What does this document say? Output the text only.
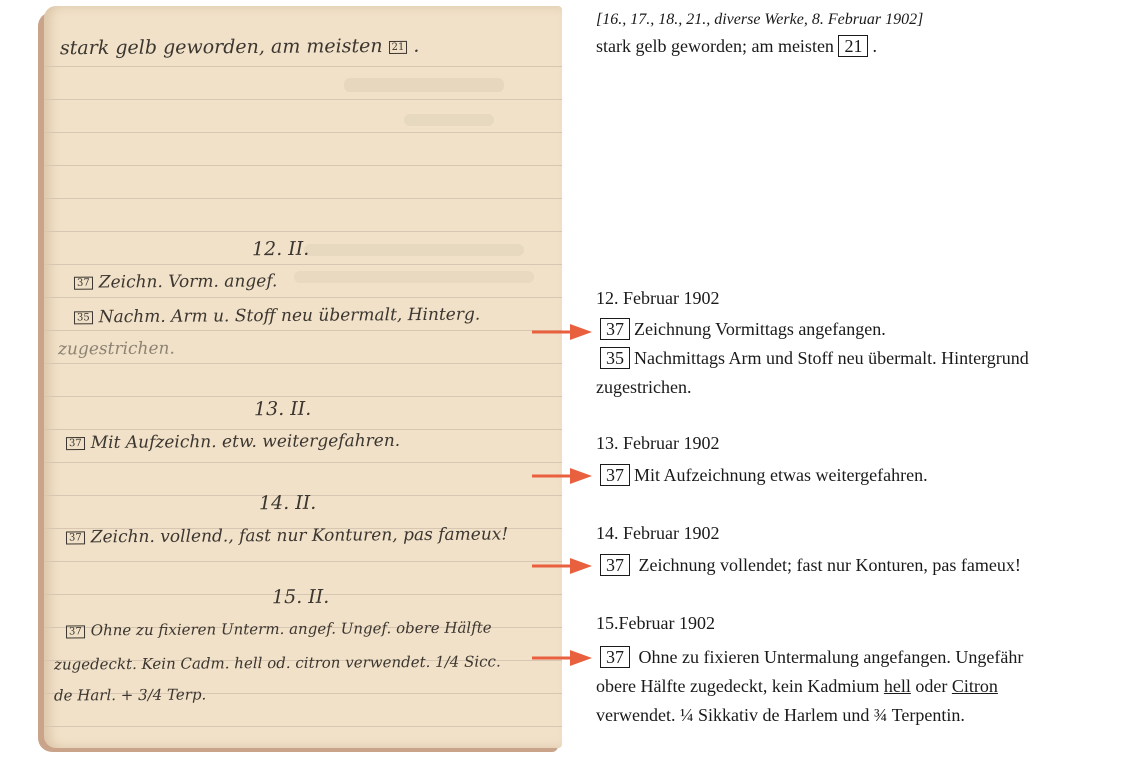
stark gelb geworden, am meisten 21 .
12. II.
37 Zeichn. Vorm. angef.
35 Nachm. Arm u. Stoff neu übermalt, Hinterg.
zugestrichen.
13. II.
37 Mit Aufzeichn. etw. weitergefahren.
14. II.
37 Zeichn. vollend., fast nur Konturen, pas fameux!
15. II.
37 Ohne zu fixieren Unterm. angef. Ungef. obere Hälfte
zugedeckt. Kein Cadm. hell od. citron verwendet. 1/4 Sicc.
de Harl. + 3/4 Terp.
[16., 17., 18., 21., diverse Werke, 8. Februar 1902]
stark gelb geworden; am meisten 21 .
12. Februar 1902
37 Zeichnung Vormittags angefangen.
35 Nachmittags Arm und Stoff neu übermalt. Hintergrund
zugestrichen.
13. Februar 1902
37 Mit Aufzeichnung etwas weitergefahren.
14. Februar 1902
37 Zeichnung vollendet; fast nur Konturen, pas fameux!
15.Februar 1902
37 Ohne zu fixieren Untermalung angefangen. Ungefähr
obere Hälfte zugedeckt, kein Kadmium hell oder Citron
verwendet. ¼ Sikkativ de Harlem und ¾ Terpentin.
